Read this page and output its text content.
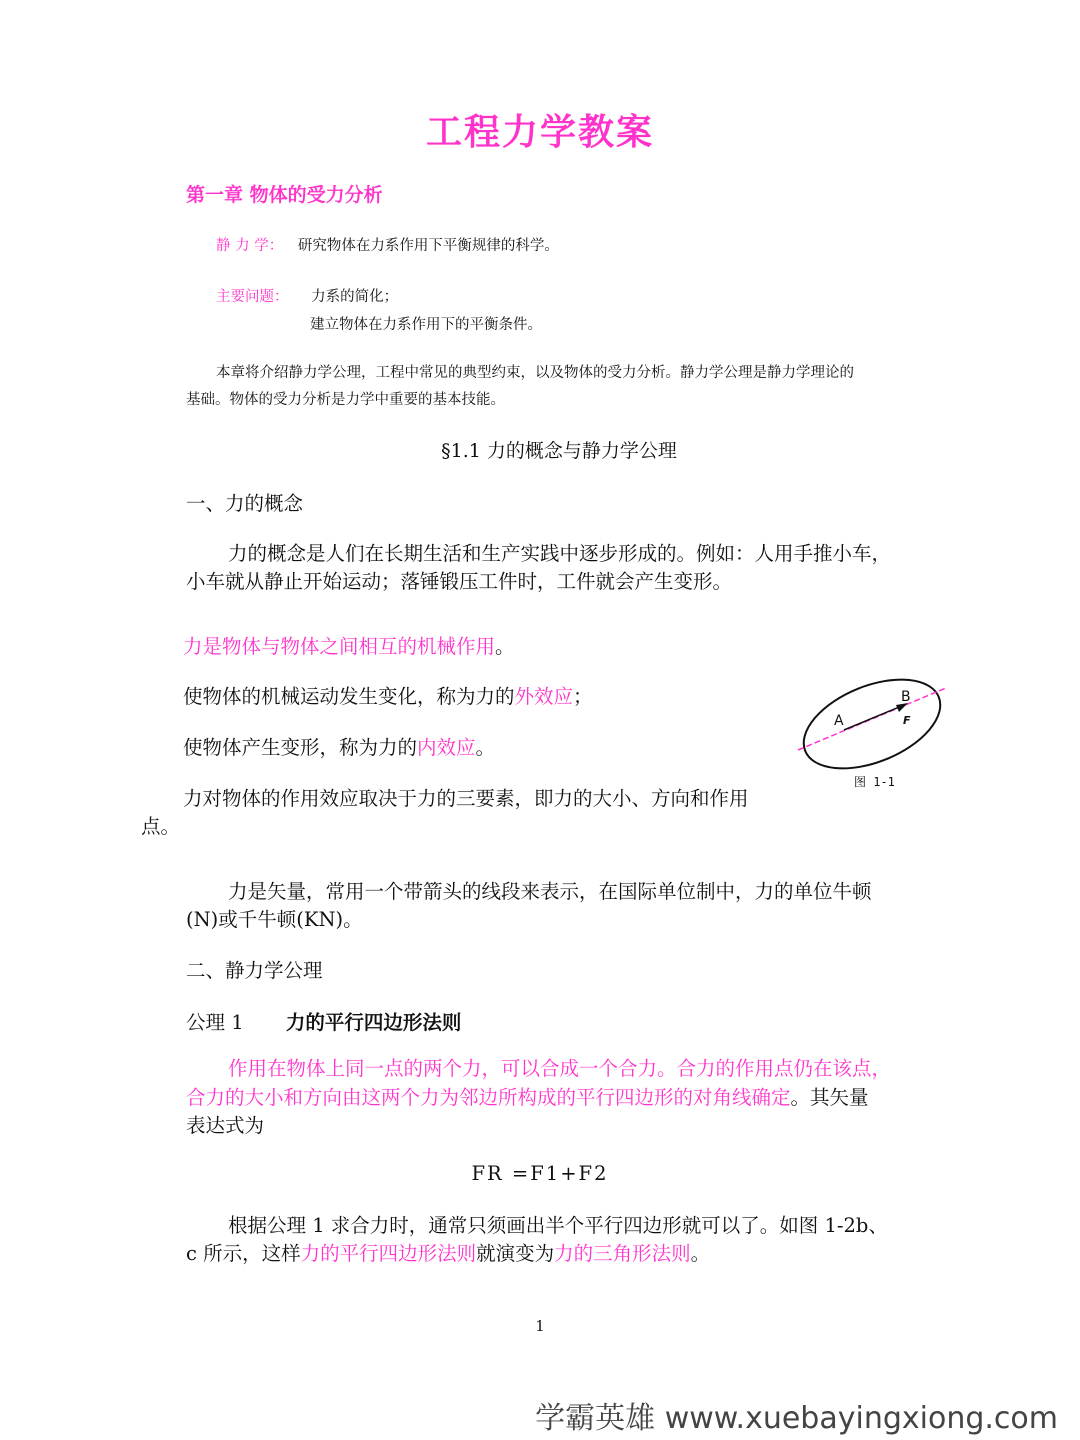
工程力学教案
第一章 物体的受力分析
静 力 学： 研究物体在力系作用下平衡规律的科学。
主要问题： 力系的简化；
建立物体在力系作用下的平衡条件。
本章将介绍静力学公理，工程中常见的典型约束，以及物体的受力分析。静力学公理是静力学理论的
基础。物体的受力分析是力学中重要的基本技能。
§1.1 力的概念与静力学公理
一、力的概念
力的概念是人们在长期生活和生产实践中逐步形成的。例如：人用手推小车，
小车就从静止开始运动；落锤锻压工件时，工件就会产生变形。
力是物体与物体之间相互的机械作用。
使物体的机械运动发生变化，称为力的外效应；
使物体产生变形，称为力的内效应。
力对物体的作用效应取决于力的三要素，即力的大小、方向和作用
点。
A
B
F
图 1-1
力是矢量，常用一个带箭头的线段来表示，在国际单位制中，力的单位牛顿
(N)或千牛顿(KN)。
二、静力学公理
公理 1 力的平行四边形法则
作用在物体上同一点的两个力，可以合成一个合力。合力的作用点仍在该点，
合力的大小和方向由这两个力为邻边所构成的平行四边形的对角线确定。其矢量
表达式为
FR =F1+F2
根据公理 1 求合力时，通常只须画出半个平行四边形就可以了。如图 1-2b、
c 所示，这样力的平行四边形法则就演变为力的三角形法则。
1
学霸英雄 www.xuebayingxiong.com
